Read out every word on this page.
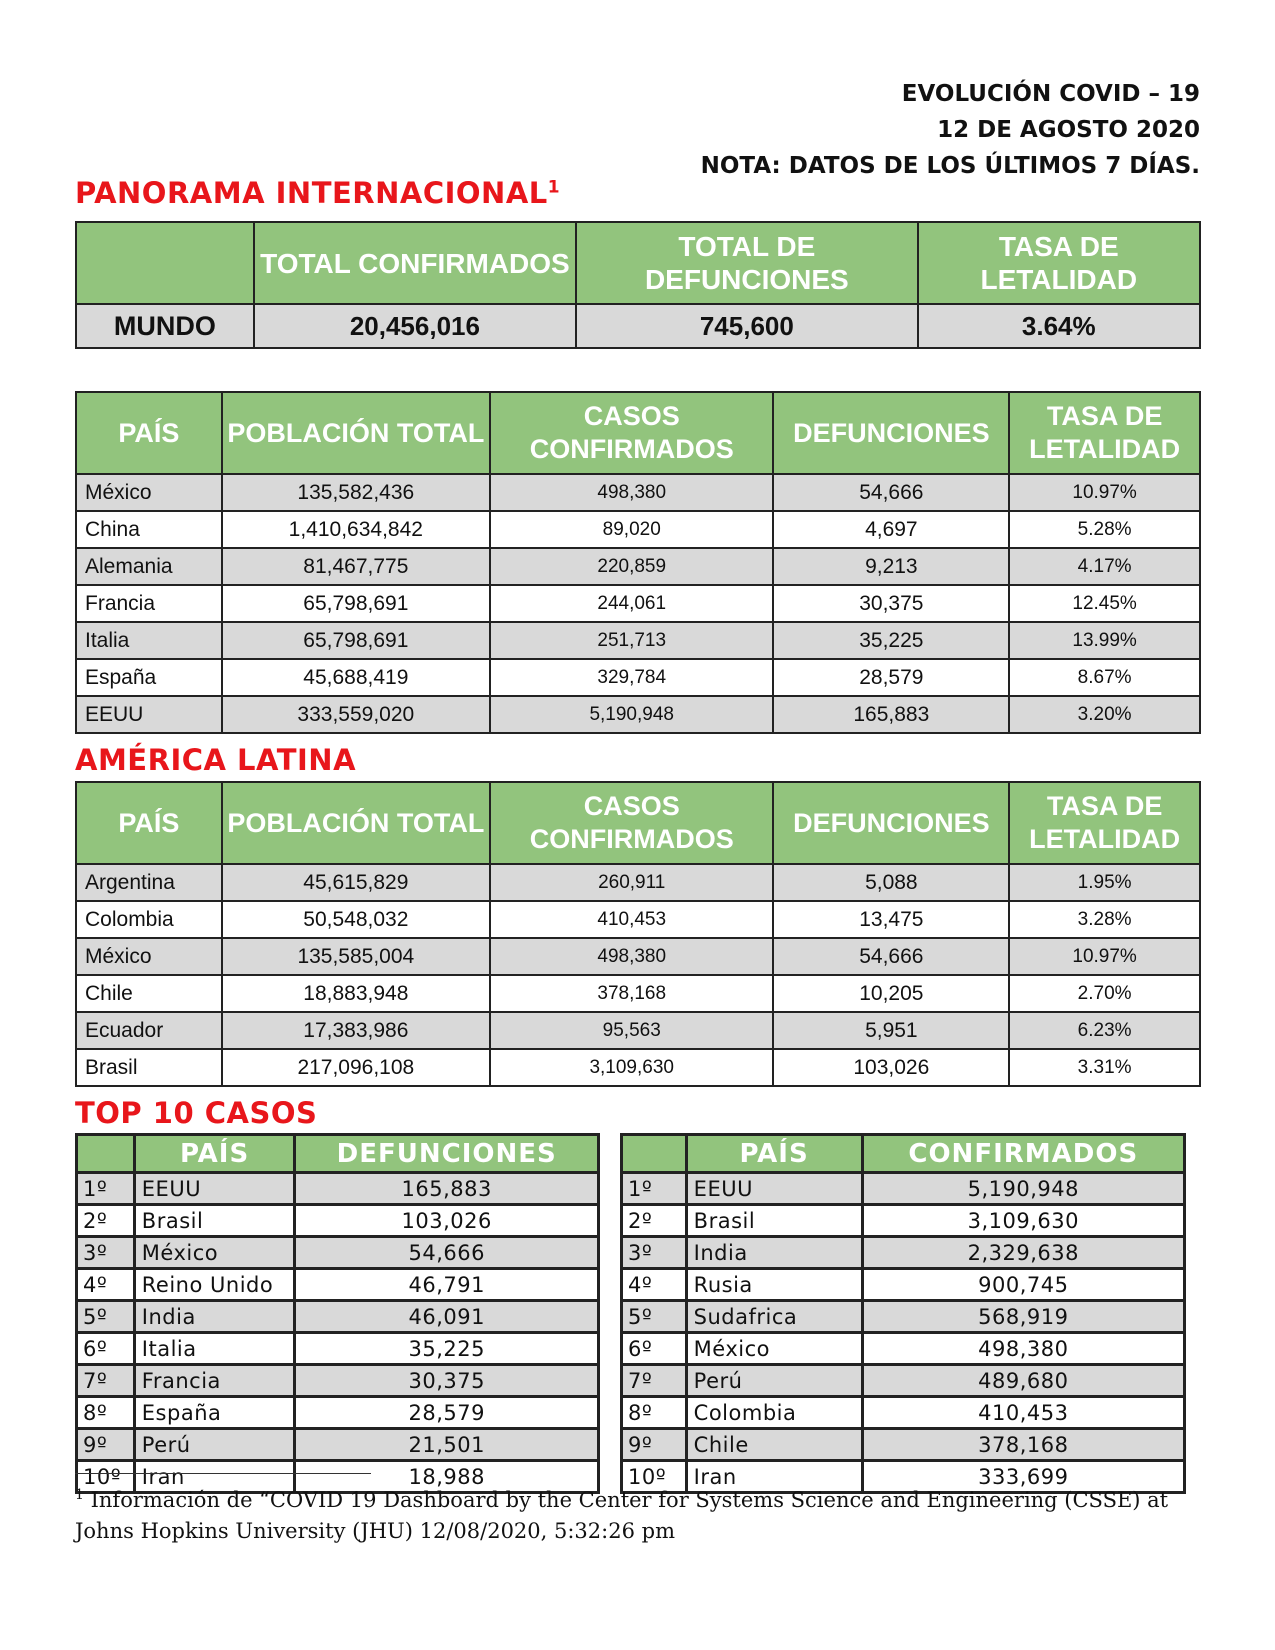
EVOLUCIÓN COVID – 19
12 DE AGOSTO 2020
NOTA: DATOS DE LOS ÚLTIMOS 7 DÍAS.
PANORAMA INTERNACIONAL$^1$
	TOTAL CONFIRMADOS	TOTAL DE DEFUNCIONES	TASA DE LETALIDAD
MUNDO	20,456,016	745,600	3.64%
PAÍS	POBLACIÓN TOTAL	CASOS CONFIRMADOS	DEFUNCIONES	TASA DE LETALIDAD
México	135,582,436	498,380	54,666	10.97%
China	1,410,634,842	89,020	4,697	5.28%
Alemania	81,467,775	220,859	9,213	4.17%
Francia	65,798,691	244,061	30,375	12.45%
Italia	65,798,691	251,713	35,225	13.99%
España	45,688,419	329,784	28,579	8.67%
EEUU	333,559,020	5,190,948	165,883	3.20%
AMÉRICA LATINA
PAÍS	POBLACIÓN TOTAL	CASOS CONFIRMADOS	DEFUNCIONES	TASA DE LETALIDAD
Argentina	45,615,829	260,911	5,088	1.95%
Colombia	50,548,032	410,453	13,475	3.28%
México	135,585,004	498,380	54,666	10.97%
Chile	18,883,948	378,168	10,205	2.70%
Ecuador	17,383,986	95,563	5,951	6.23%
Brasil	217,096,108	3,109,630	103,026	3.31%
TOP 10 CASOS
	PAÍS	DEFUNCIONES
1º	EEUU	165,883
2º	Brasil	103,026
3º	México	54,666
4º	Reino Unido	46,791
5º	India	46,091
6º	Italia	35,225
7º	Francia	30,375
8º	España	28,579
9º	Perú	21,501
10º	Iran	18,988
	PAÍS	CONFIRMADOS
1º	EEUU	5,190,948
2º	Brasil	3,109,630
3º	India	2,329,638
4º	Rusia	900,745
5º	Sudafrica	568,919
6º	México	498,380
7º	Perú	489,680
8º	Colombia	410,453
9º	Chile	378,168
10º	Iran	333,699
$^1$ Información de “COVID 19 Dashboard by the Center for Systems Science and Engineering (CSSE) at Johns Hopkins University (JHU) 12/08/2020, 5:32:26 pm
